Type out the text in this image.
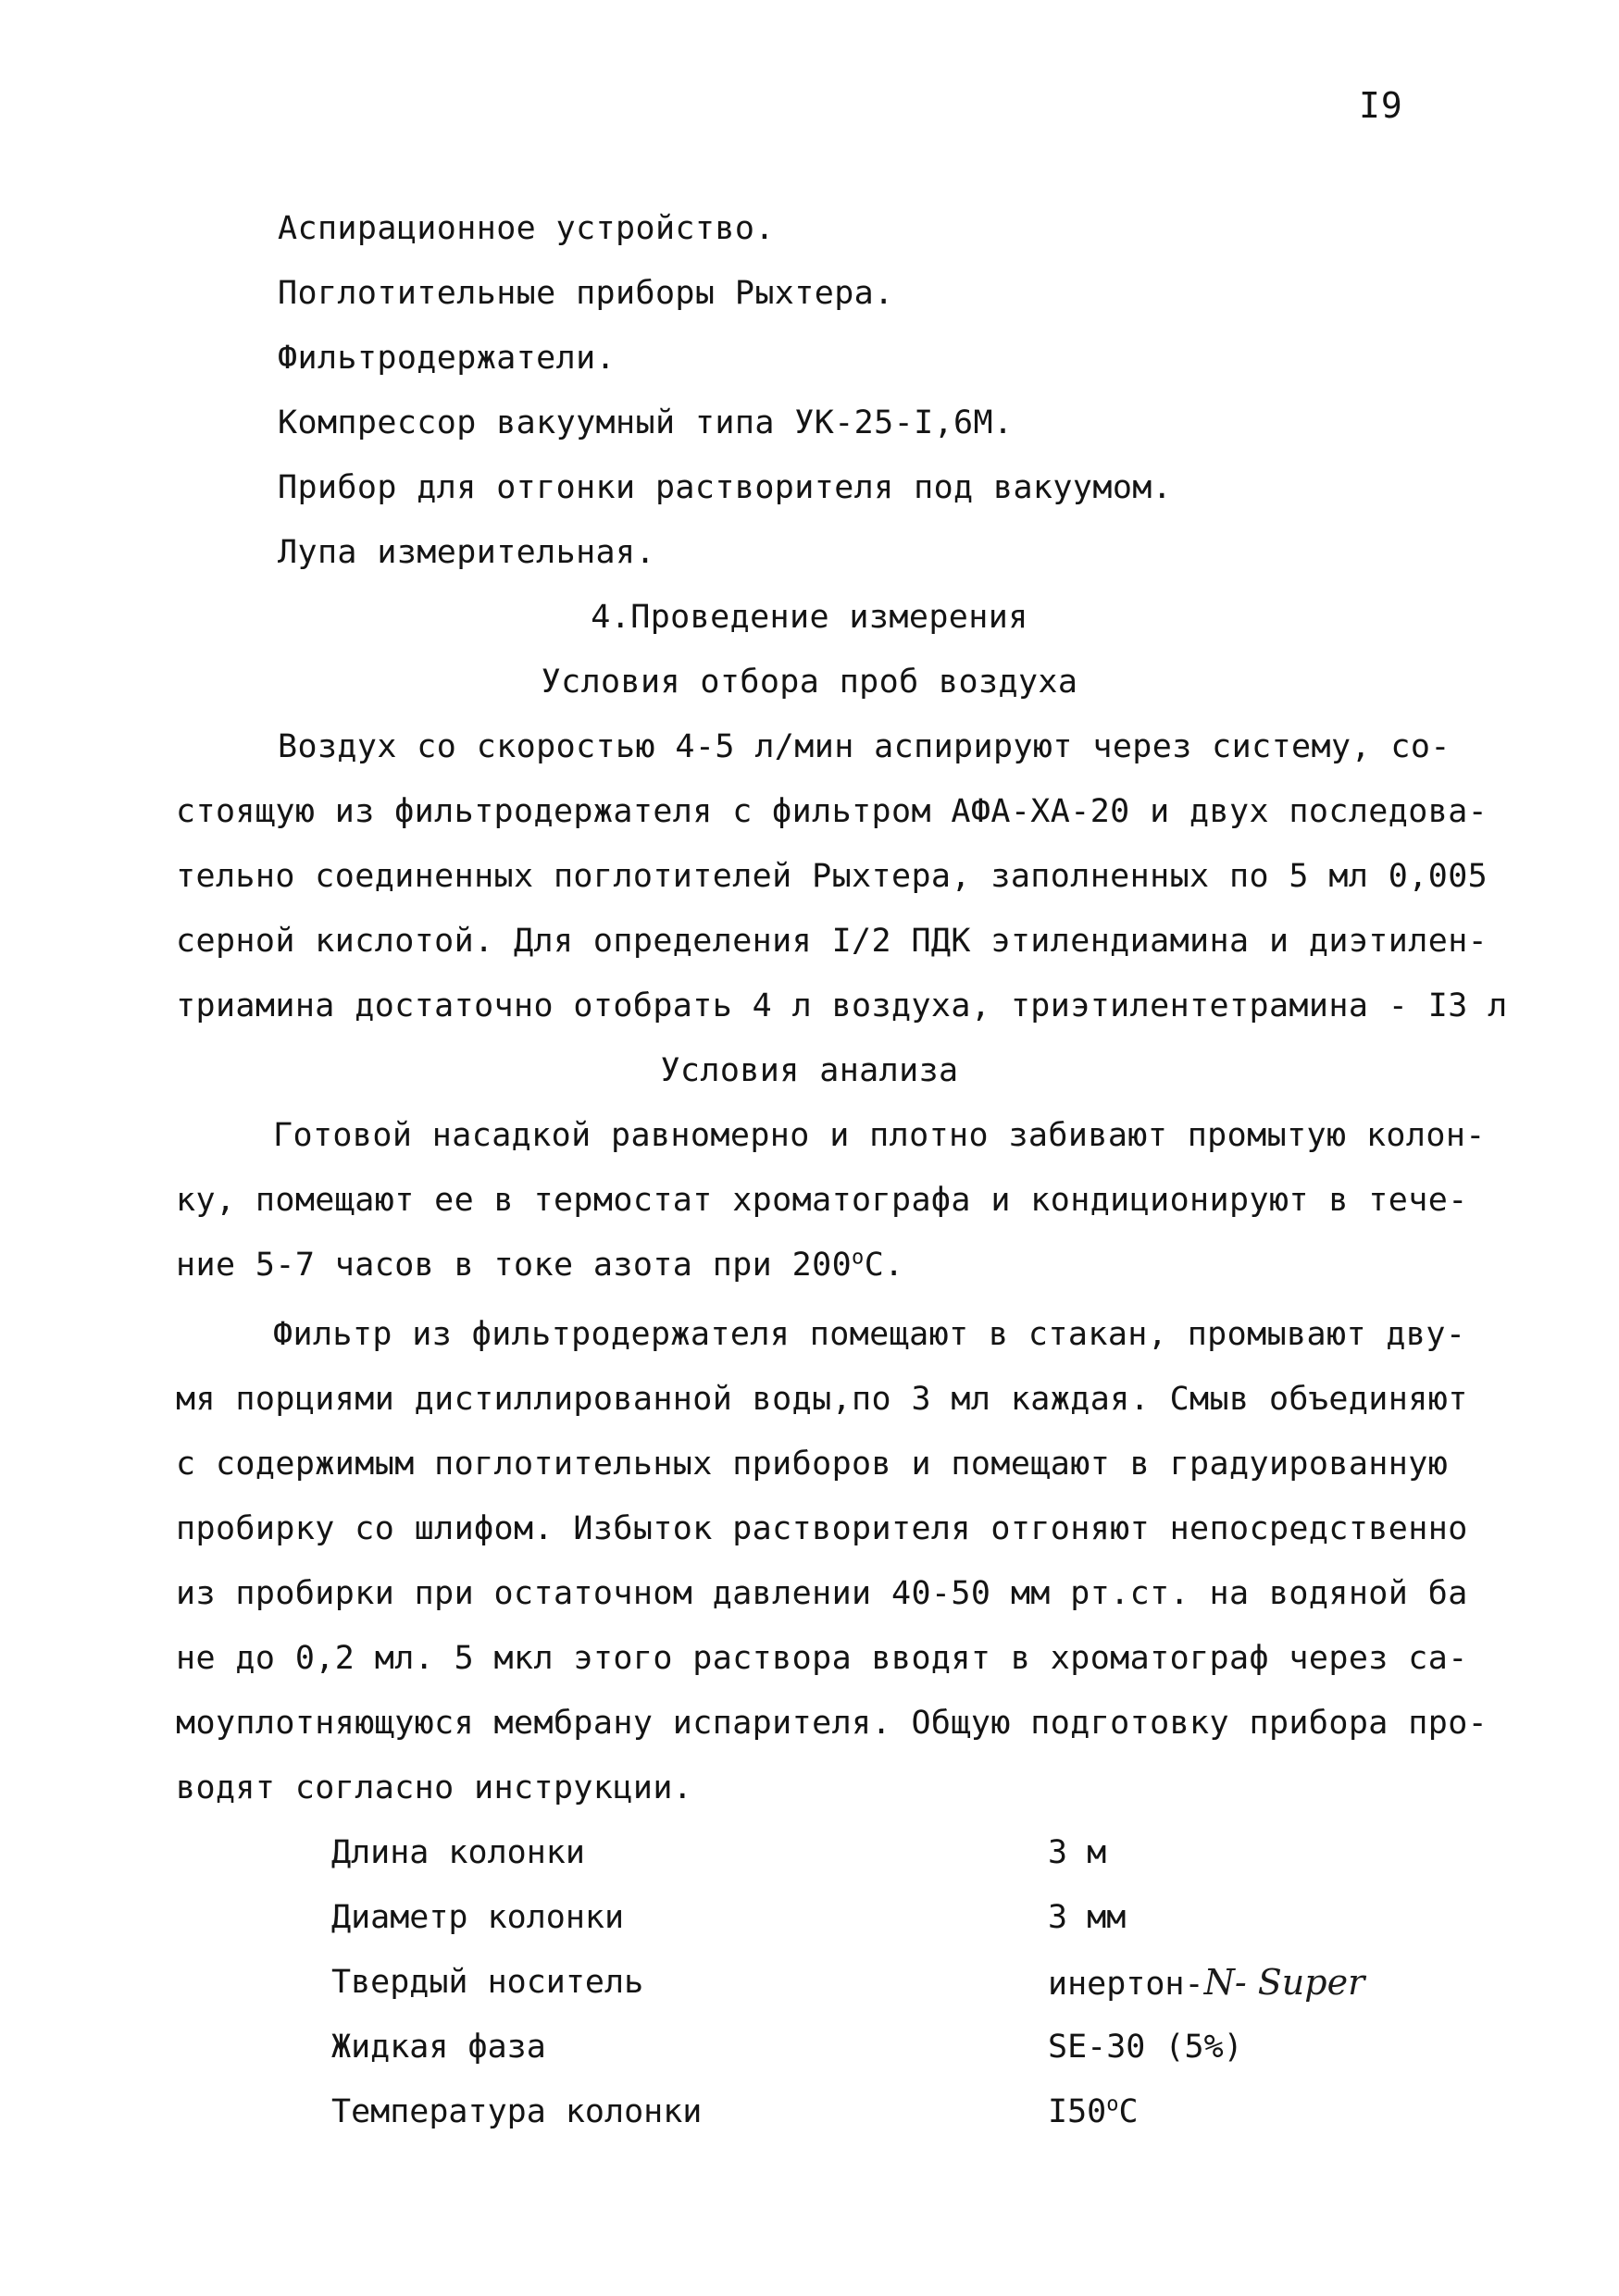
I9
Аспирационное устройство.
Поглотительные приборы Рыхтера.
Фильтродержатели.
Компрессор вакуумный типа УК-25-I,6М.
Прибор для отгонки растворителя под вакуумом.
Лупа измерительная.
4.Проведение измерения
Условия отбора проб воздуха
Воздух со скоростью 4-5 л/мин аспирируют через систему, со-
стоящую из фильтродержателя с фильтром АФА-ХА-20 и двух последова-
тельно соединенных поглотителей Рыхтера, заполненных по 5 мл 0,005
серной кислотой. Для определения I/2 ПДК этилендиамина и диэтилен-
триамина достаточно отобрать 4 л воздуха, триэтилентетрамина - I3 л
Условия анализа
Готовой насадкой равномерно и плотно забивают промытую колон-
ку, помещают ее в термостат хроматографа и кондиционируют в тече-
ние 5-7 часов в токе азота при $200^оС$.
Фильтр из фильтродержателя помещают в стакан, промывают дву-
мя порциями дистиллированной воды,по 3 мл каждая. Смыв объединяют
с содержимым поглотительных приборов и помещают в градуированную
пробирку со шлифом. Избыток растворителя отгоняют непосредственно
из пробирки при остаточном давлении 40-50 мм рт.ст. на водяной ба
не до 0,2 мл. 5 мкл этого раствора вводят в хроматограф через са-
моуплотняющуюся мембрану испарителя. Общую подготовку прибора про-
водят согласно инструкции.
Длина колонки	3 м
Диаметр колонки	3 мм
Твердый носитель	инертон-N- Super
Жидкая фаза	SE-30 (5%)
Температура колонки	$I50^оС$
